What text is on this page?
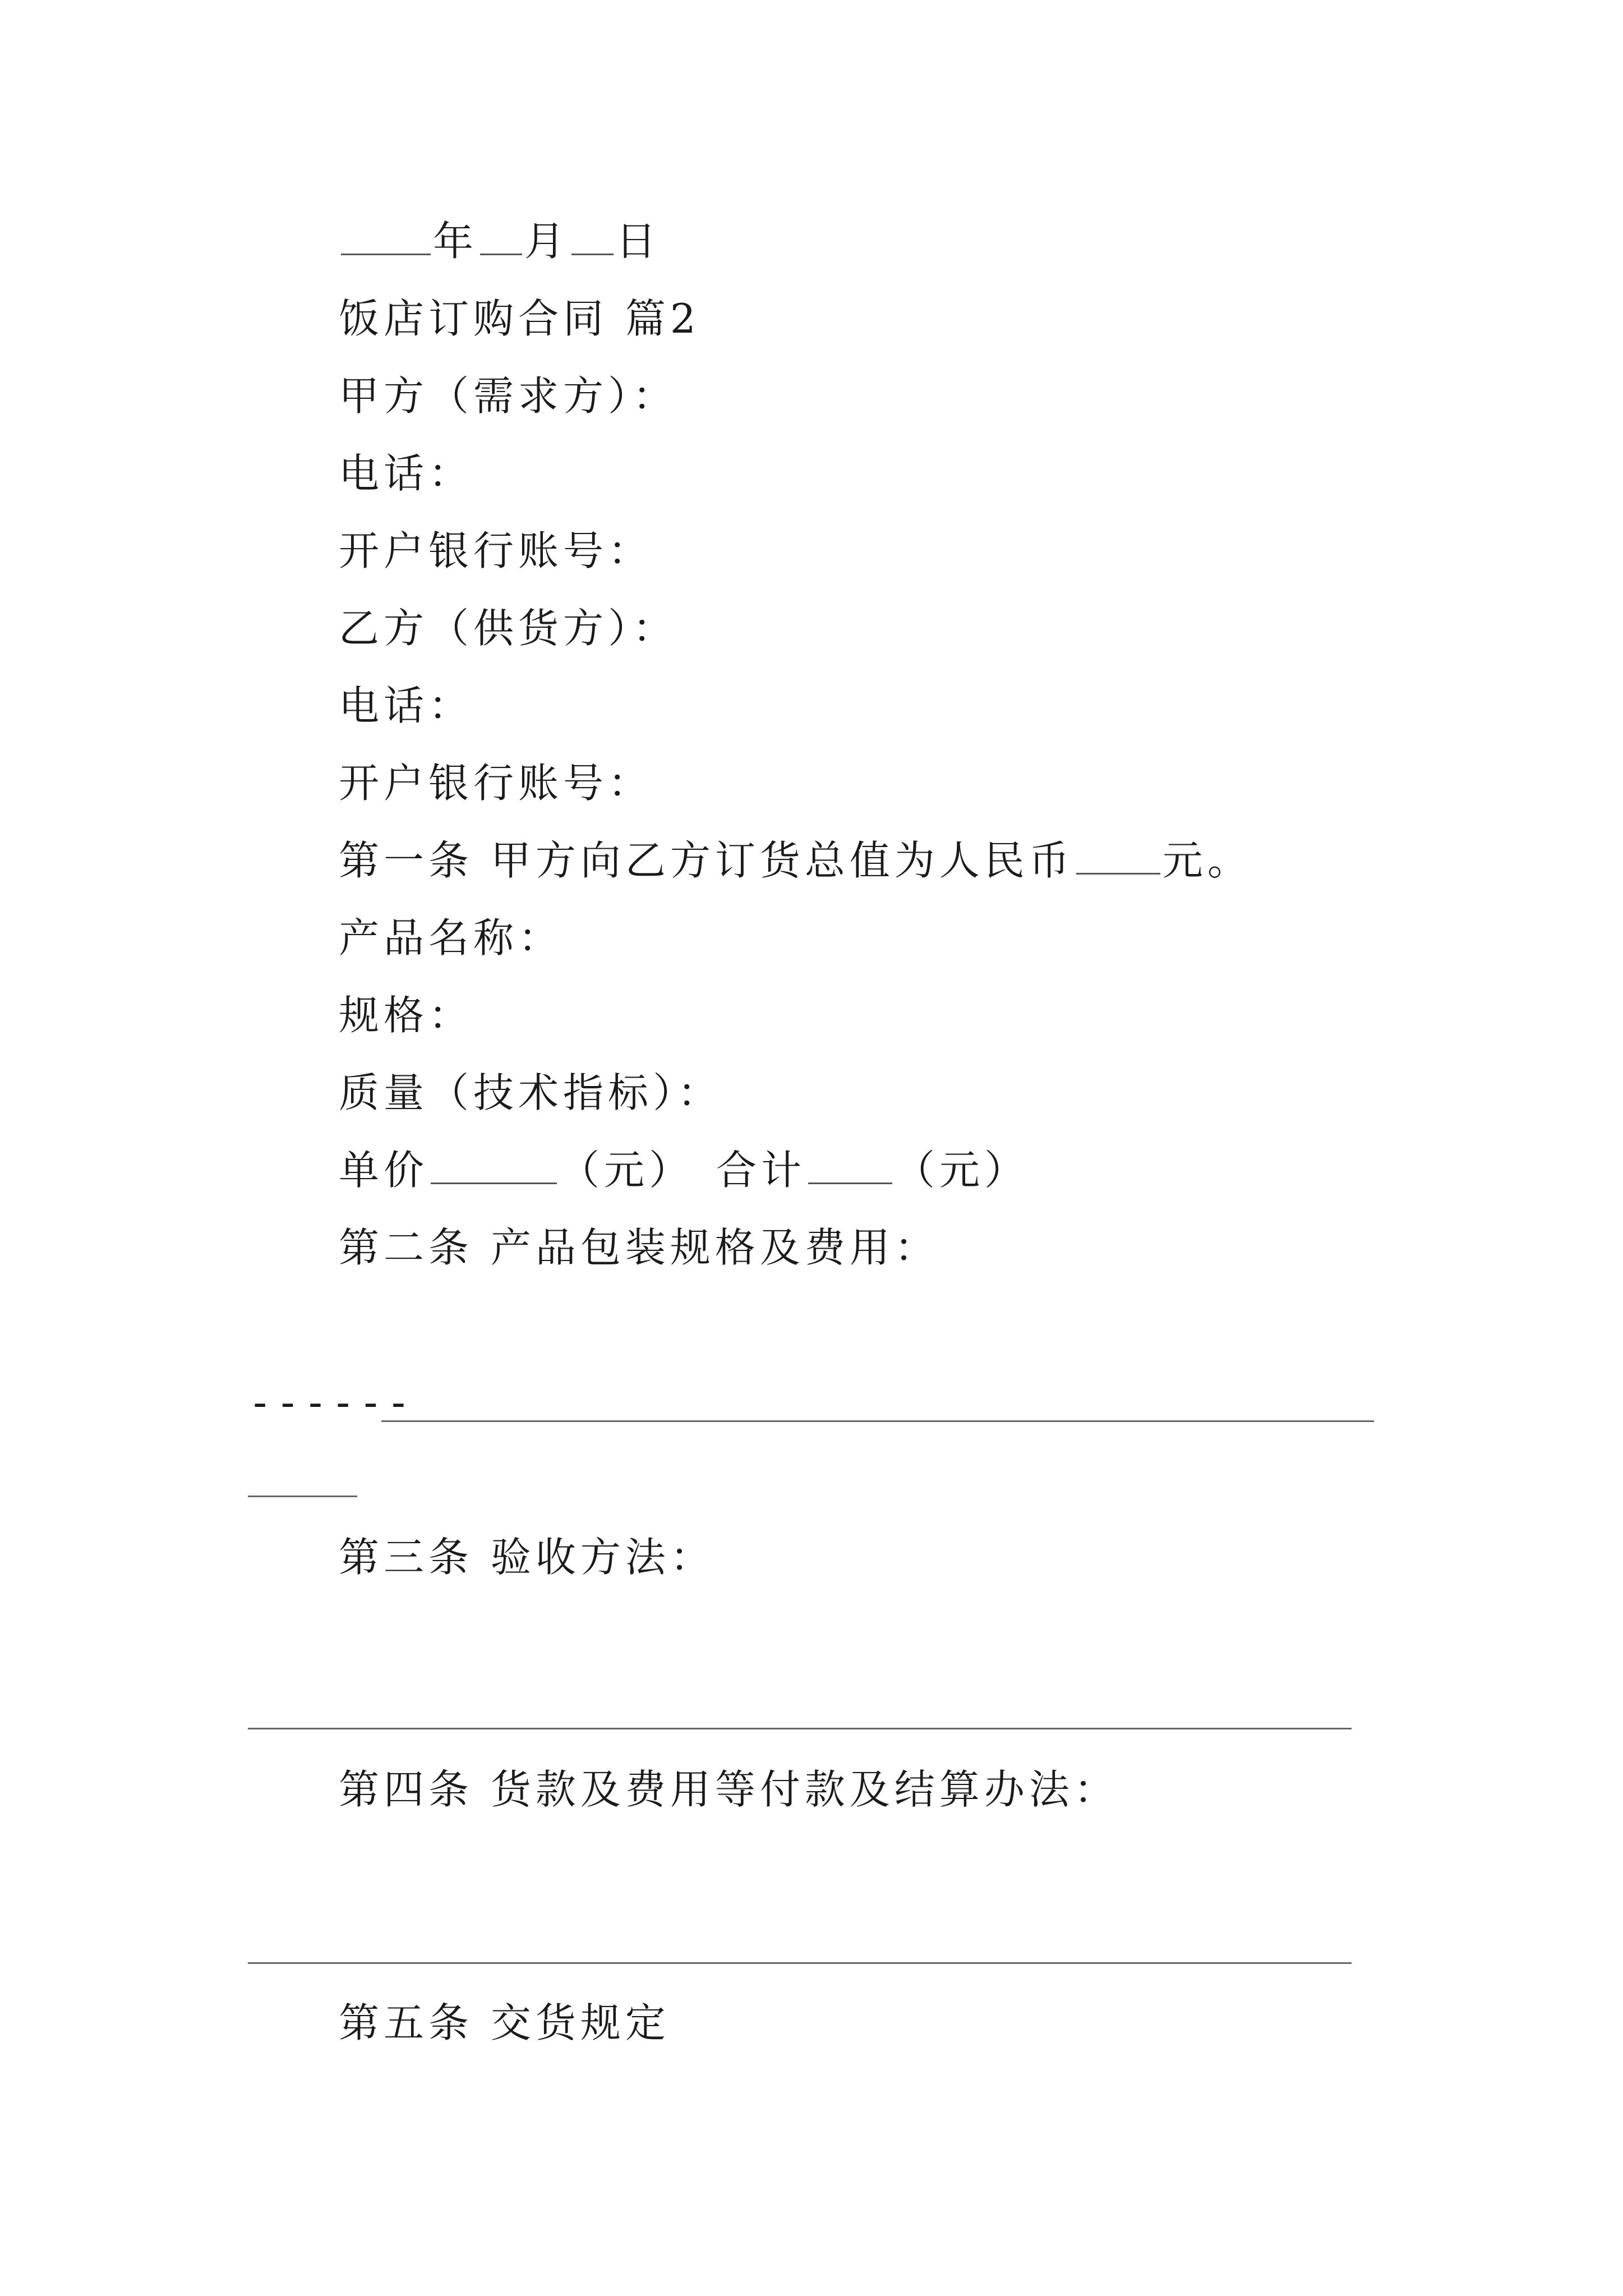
年 月 日
饭店订购合同 篇2
甲方（需求方）：
电话：
开户银行账号：
乙方（供货方）：
电话：
开户银行账号：
第一条 甲方向乙方订货总值为人民币 元。
产品名称：
规格：
质量（技术指标）：
单价	（元） 合计 （元）
第二条 产品包装规格及费用：
------
第三条 验收方法：
第四条 货款及费用等付款及结算办法：
第五条 交货规定
